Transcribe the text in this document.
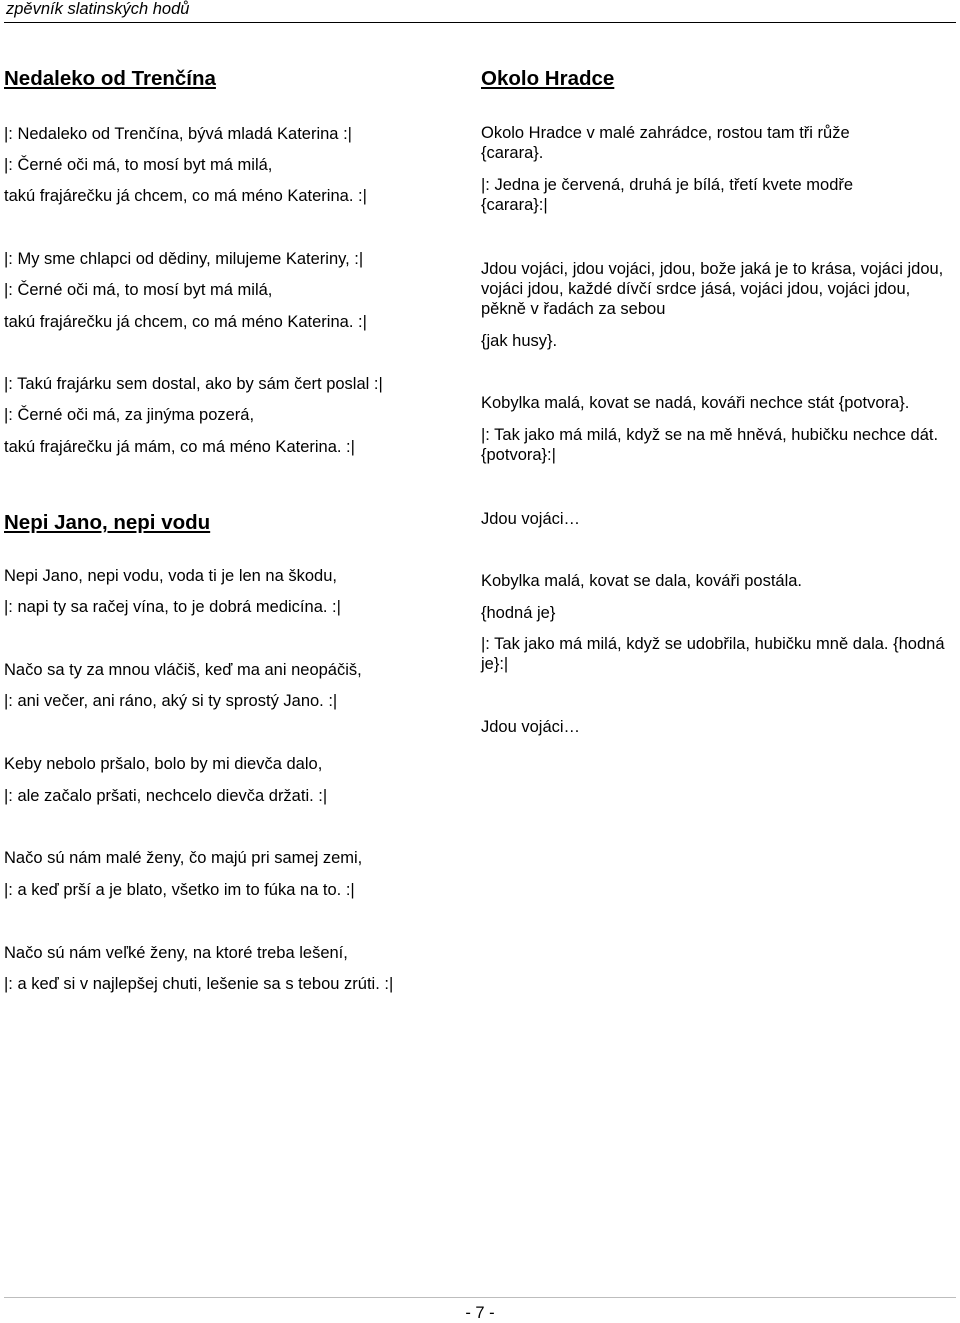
zpěvník slatinských hodů
Nedaleko od Trenčína
|: Nedaleko od Trenčína, bývá mladá Katerina :|
|: Černé oči má, to mosí byt má milá,
takú frajárečku já chcem, co má méno Katerina. :|
|: My sme chlapci od dědiny, milujeme Kateriny, :|
|: Černé oči má, to mosí byt má milá,
takú frajárečku já chcem, co má méno Katerina. :|
|: Takú frajárku sem dostal, ako by sám čert poslal :|
|: Černé oči má, za jinýma pozerá,
takú frajárečku já mám, co má méno Katerina. :|
Nepi Jano, nepi vodu
Nepi Jano, nepi vodu, voda ti je len na škodu,
|: napi ty sa račej vína, to je dobrá medicína. :|
Načo sa ty za mnou vláčiš, keď ma ani neopáčiš,
|: ani večer, ani ráno, aký si ty sprostý Jano. :|
Keby nebolo pršalo, bolo by mi dievča dalo,
|: ale začalo pršati, nechcelo dievča držati. :|
Načo sú nám malé ženy, čo majú pri samej zemi,
|: a keď prší a je blato, všetko im to fúka na to. :|
Načo sú nám veľké ženy, na ktoré treba lešení,
|: a keď si v najlepšej chuti, lešenie sa s tebou zrúti. :|
Okolo Hradce
Okolo Hradce v malé zahrádce, rostou tam tři růže {carara}.
|: Jedna je červená, druhá je bílá, třetí kvete modře {carara}:|
Jdou vojáci, jdou vojáci, jdou, bože jaká je to krása, vojáci jdou, vojáci jdou, každé dívčí srdce jásá, vojáci jdou, vojáci jdou, pěkně v řadách za sebou
{jak husy}.
Kobylka malá, kovat se nadá, kováři nechce stát {potvora}.
|: Tak jako má milá, když se na mě hněvá, hubičku nechce dát. {potvora}:|
Jdou vojáci…
Kobylka malá, kovat se dala, kováři postála.
{hodná je}
|: Tak jako má milá, když se udobřila, hubičku mně dala. {hodná je}:|
Jdou vojáci…
- 7 -
